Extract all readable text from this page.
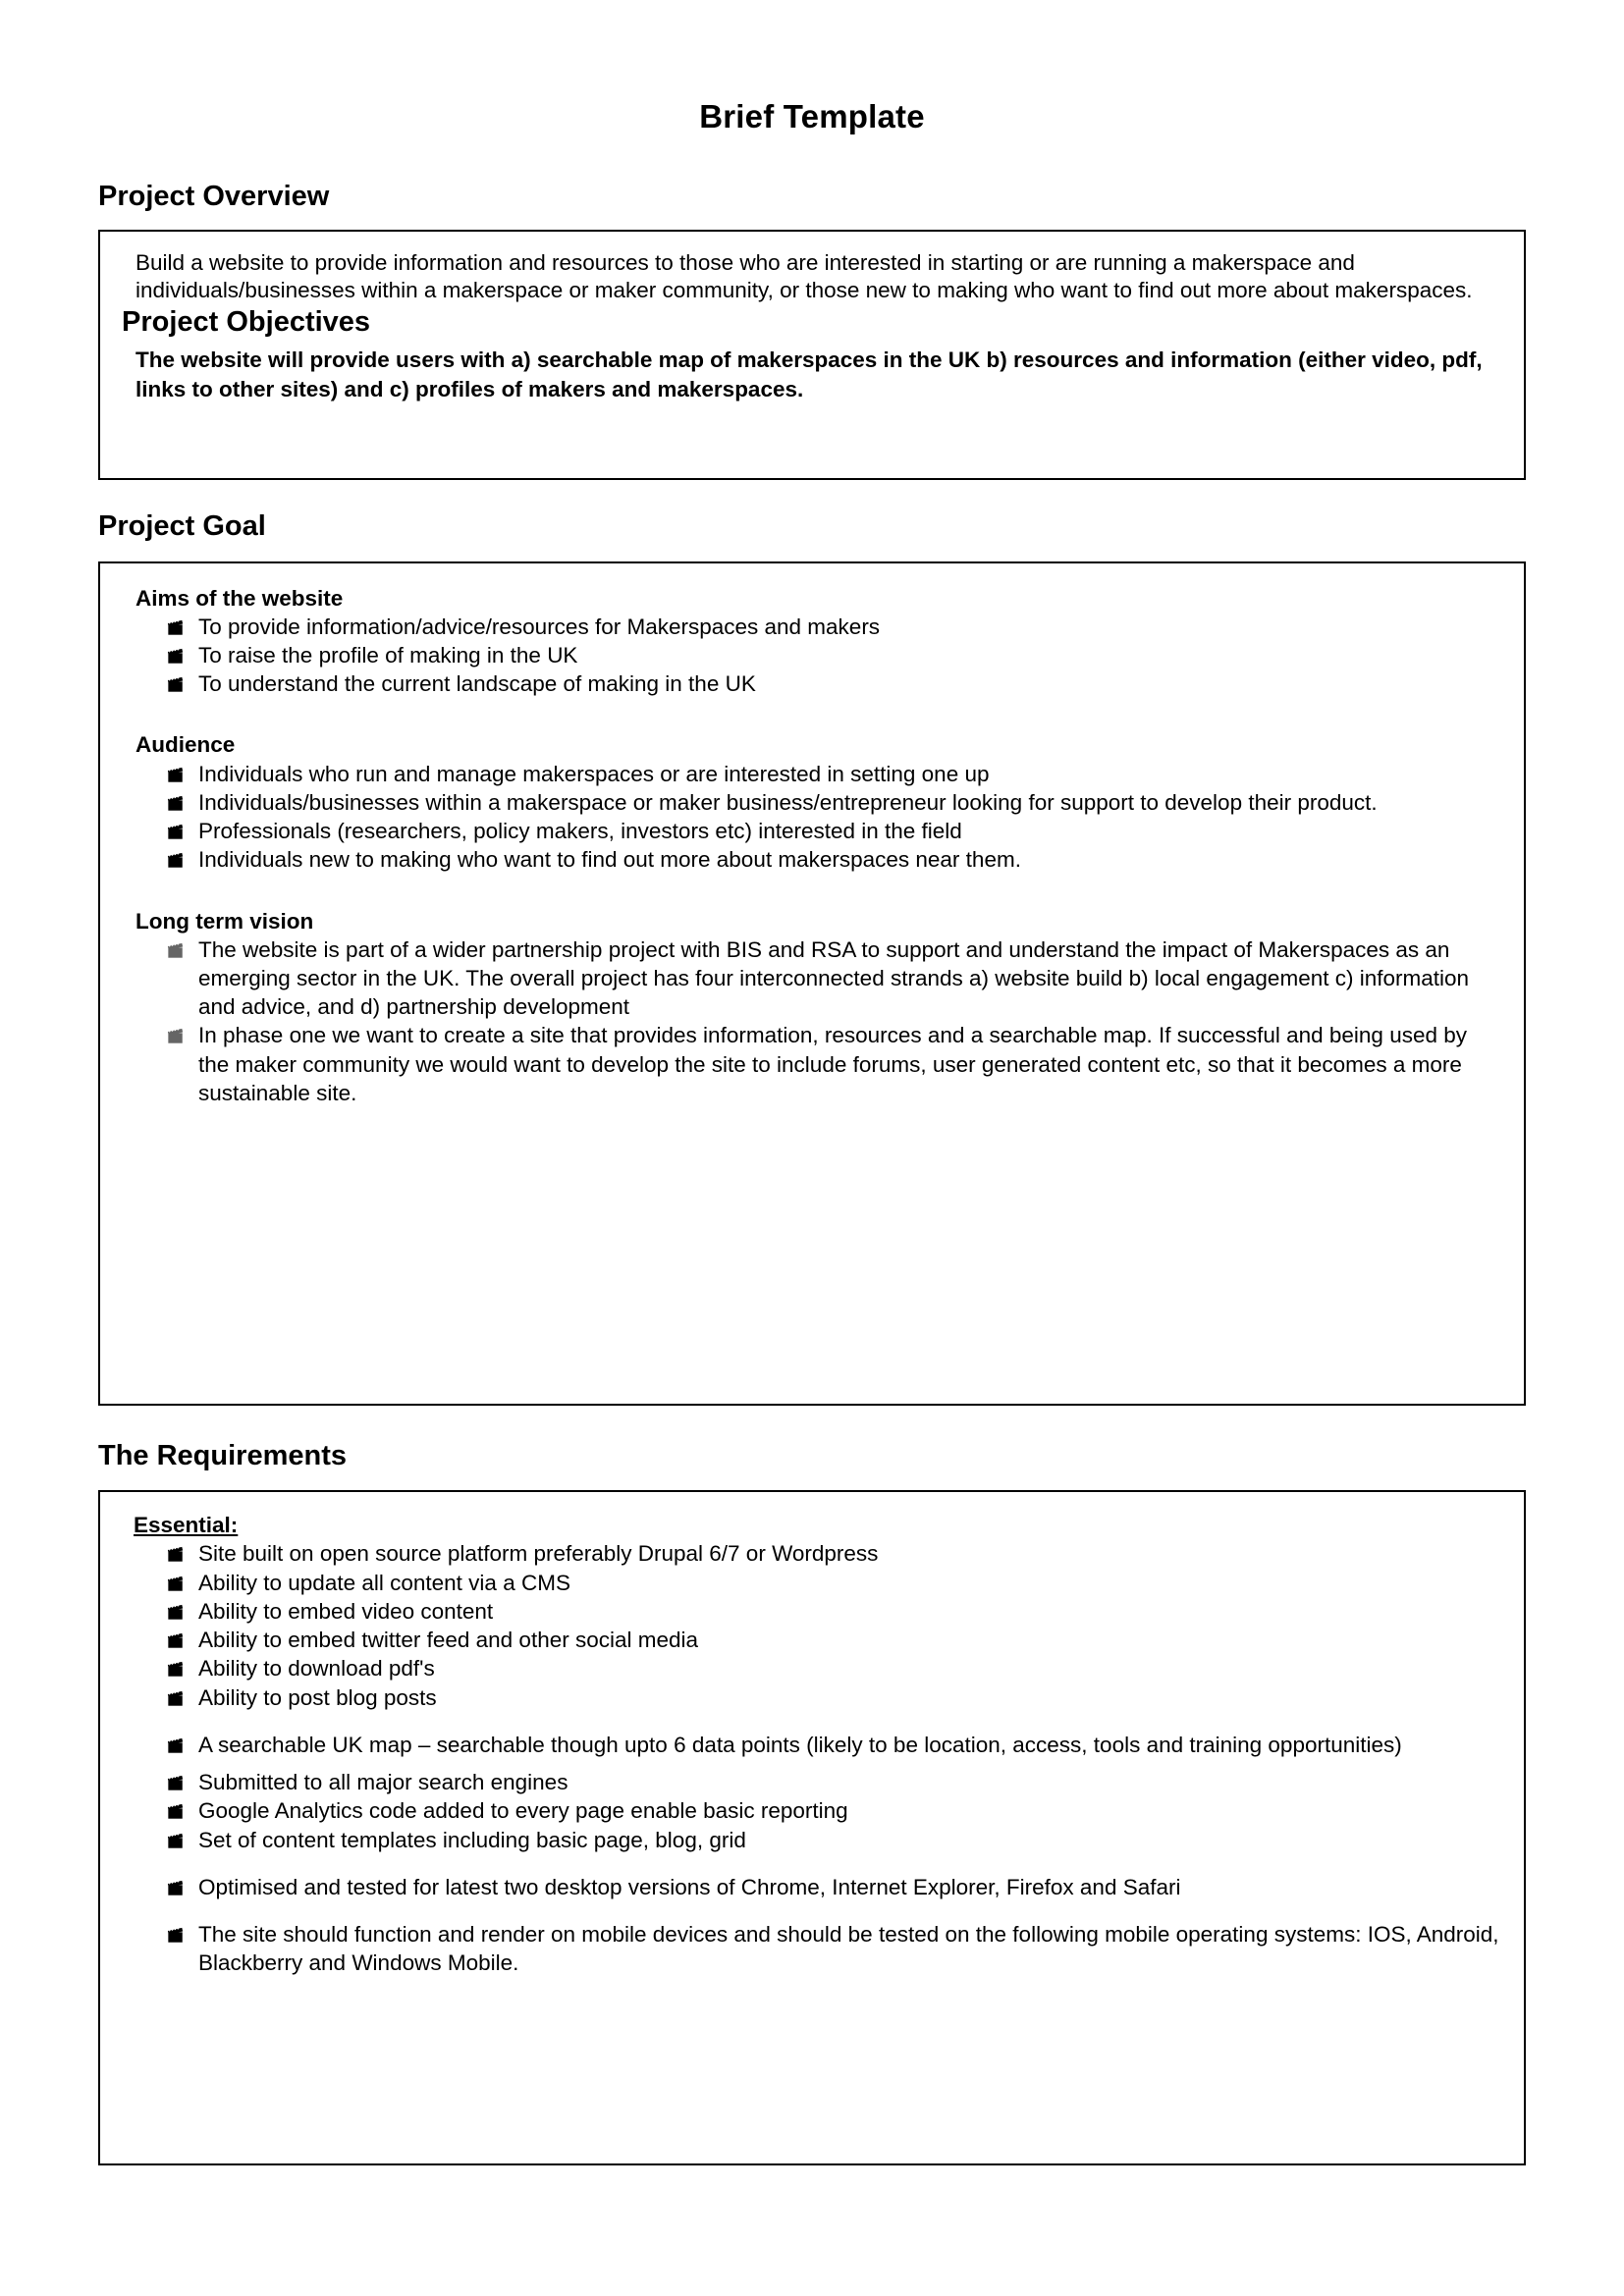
Brief Template
Project Overview

Build a website to provide information and resources to those who are interested in starting or are running a makerspace and individuals/businesses within a makerspace or maker community, or those new to making who want to find out more about makerspaces.

Project Objectives

The website will provide users with a) searchable map of makerspaces in the UK b) resources and information (either video, pdf, links to other sites) and c) profiles of makers and makerspaces.

Project Goal
Aims of the website
To provide information/advice/resources for Makerspaces and makers
To raise the profile of making in the UK
To understand the current landscape of making in the UK
Audience
Individuals who run and manage makerspaces or are interested in setting one up
Individuals/businesses within a makerspace or maker business/entrepreneur looking for support to develop their product.
Professionals (researchers, policy makers, investors etc) interested in the field
Individuals new to making who want to find out more about makerspaces near them.
Long term vision
The website is part of a wider partnership project with BIS and RSA to support and understand the impact of Makerspaces as an emerging sector in the UK. The overall project has four interconnected strands a) website build b) local engagement c) information and advice, and d) partnership development
In phase one we want to create a site that provides information, resources and a searchable map. If successful and being used by the maker community we would want to develop the site to include forums, user generated content etc, so that it becomes a more sustainable site.
The Requirements
Essential:
Site built on open source platform preferably Drupal 6/7 or Wordpress
Ability to update all content via a CMS
Ability to embed video content
Ability to embed twitter feed and other social media
Ability to download pdf's
Ability to post blog posts
A searchable UK map – searchable though upto 6 data points (likely to be location, access, tools and training opportunities)
Submitted to all major search engines
Google Analytics code added to every page enable basic reporting
Set of content templates including basic page, blog, grid
Optimised and tested for latest two desktop versions of Chrome, Internet Explorer, Firefox and Safari
The site should function and render on mobile devices and should be tested on the following mobile operating systems: IOS, Android, Blackberry and Windows Mobile.
